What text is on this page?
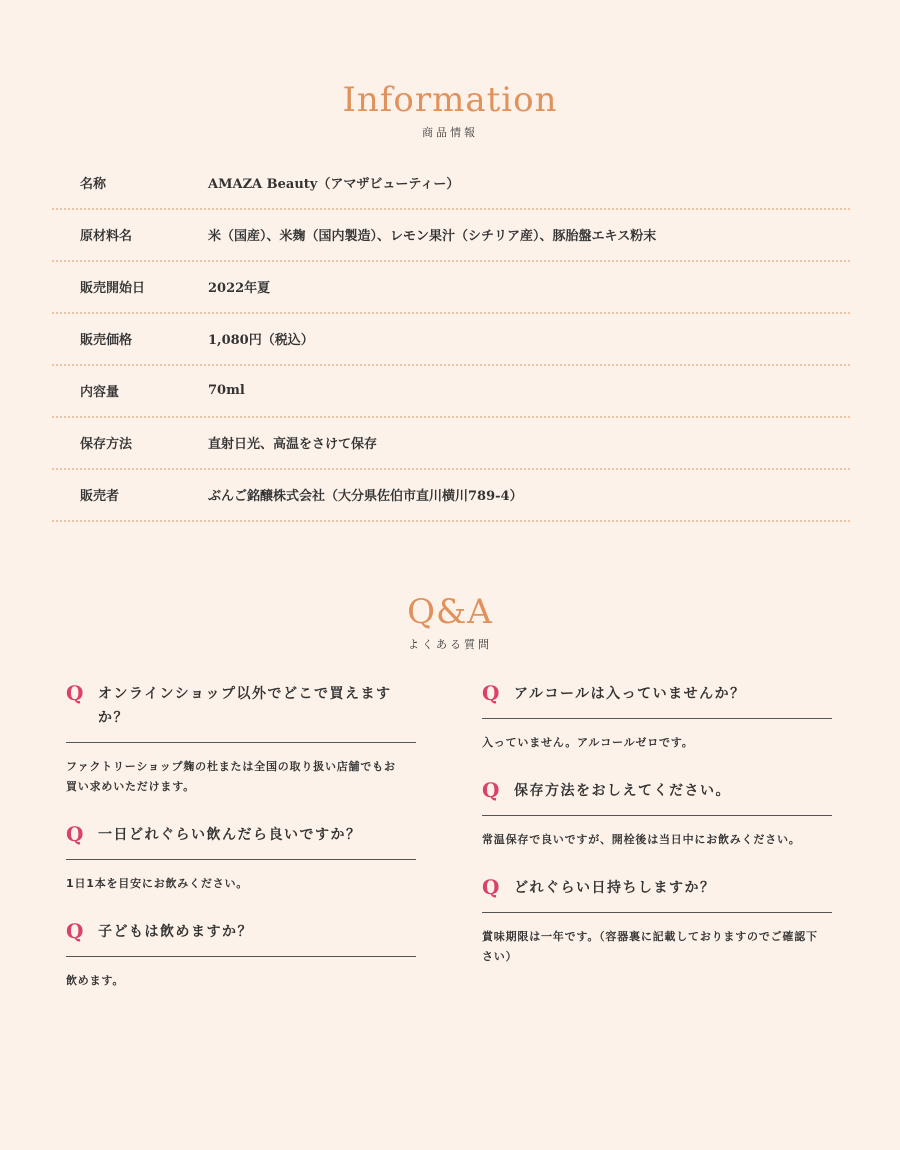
Information
商品情報
名称	AMAZA Beauty（アマザビューティー）
原材料名	米（国産）、米麹（国内製造）、レモン果汁（シチリア産）、豚胎盤エキス粉末
販売開始日	2022年夏
販売価格	1,080円（税込）
内容量	70ml
保存方法	直射日光、高温をさけて保存
販売者	ぶんご銘醸株式会社（大分県佐伯市直川横川789-4）
Q&A
よくある質問
Q	オンラインショップ以外でどこで買えますか？
ファクトリーショップ麹の杜または全国の取り扱い店舗でもお買い求めいただけます。
Q	一日どれぐらい飲んだら良いですか？
1日1本を目安にお飲みください。
Q	子どもは飲めますか？
飲めます。
Q	アルコールは入っていませんか？
入っていません。アルコールゼロです。
Q	保存方法をおしえてください。
常温保存で良いですが、開栓後は当日中にお飲みください。
Q	どれぐらい日持ちしますか？
賞味期限は一年です。（容器裏に記載しておりますのでご確認下さい）
